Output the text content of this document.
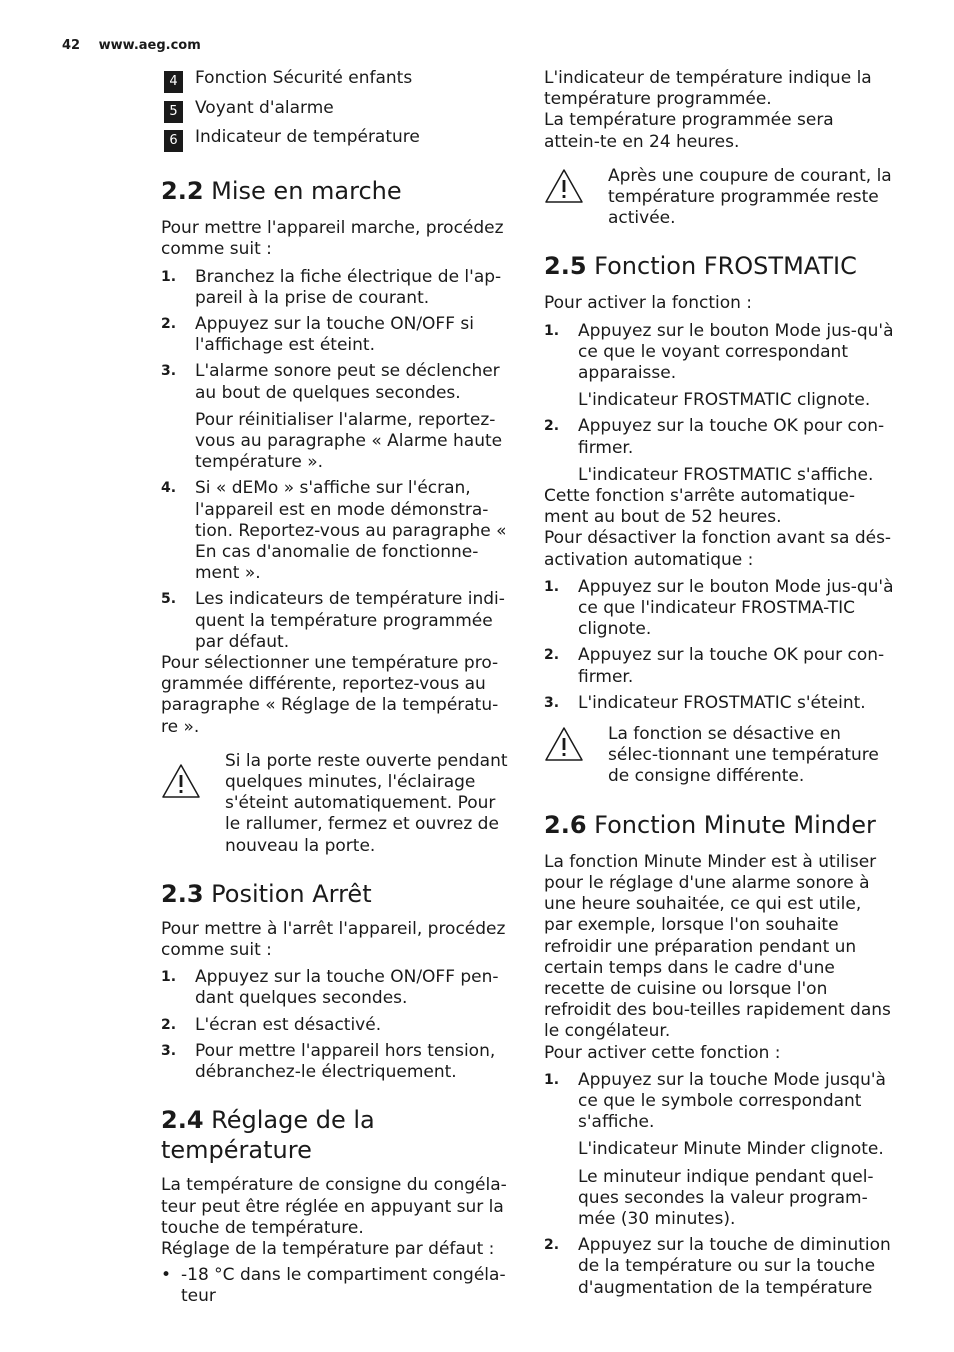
42 www.aeg.com
4	Fonction Sécurité enfants
5	Voyant d'alarme
6	Indicateur de température
2.2 Mise en marche

Pour mettre l'appareil marche, procédez comme suit :

1. Branchez la fiche électrique de l'ap-pareil à la prise de courant.
2. Appuyez sur la touche ON/OFF si l'affichage est éteint.
3. L'alarme sonore peut se déclencher au bout de quelques secondes.
Pour réinitialiser l'alarme, reportez-vous au paragraphe « Alarme haute température ».
4. Si « dEMo » s'affiche sur l'écran, l'appareil est en mode démonstra-tion. Reportez-vous au paragraphe « En cas d'anomalie de fonctionne-ment ».
5. Les indicateurs de température indi-quent la température programmée par défaut.

Pour sélectionner une température pro-grammée différente, reportez-vous au paragraphe « Réglage de la températu-re ».

Si la porte reste ouverte pendant quelques minutes, l'éclairage s'éteint automatiquement. Pour le rallumer, fermez et ouvrez de nouveau la porte.
2.3 Position Arrêt

Pour mettre à l'arrêt l'appareil, procédez comme suit :

1. Appuyez sur la touche ON/OFF pen-dant quelques secondes.
2. L'écran est désactivé.
3. Pour mettre l'appareil hors tension, débranchez-le électriquement.
2.4 Réglage de la température

La température de consigne du congéla-teur peut être réglée en appuyant sur la touche de température.

Réglage de la température par défaut :

• -18 °C dans le compartiment congéla-teur

L'indicateur de température indique la température programmée.

La température programmée sera attein-te en 24 heures.

Après une coupure de courant, la température programmée reste activée.
2.5 Fonction FROSTMATIC

Pour activer la fonction :

1. Appuyez sur le bouton Mode jus-qu'à ce que le voyant correspondant apparaisse.
L'indicateur FROSTMATIC clignote.
2. Appuyez sur la touche OK pour con-firmer.
L'indicateur FROSTMATIC s'affiche.

Cette fonction s'arrête automatique-ment au bout de 52 heures.

Pour désactiver la fonction avant sa dés-activation automatique :

1. Appuyez sur le bouton Mode jus-qu'à ce que l'indicateur FROSTMA-TIC clignote.
2. Appuyez sur la touche OK pour con-firmer.
3. L'indicateur FROSTMATIC s'éteint.
La fonction se désactive en sélec-tionnant une température de consigne différente.
2.6 Fonction Minute Minder

La fonction Minute Minder est à utiliser pour le réglage d'une alarme sonore à une heure souhaitée, ce qui est utile, par exemple, lorsque l'on souhaite refroidir une préparation pendant un certain temps dans le cadre d'une recette de cuisine ou lorsque l'on refroidit des bou-teilles rapidement dans le congélateur.

Pour activer cette fonction :

1. Appuyez sur la touche Mode jusqu'à ce que le symbole correspondant s'affiche.
L'indicateur Minute Minder clignote.
Le minuteur indique pendant quel-ques secondes la valeur program-mée (30 minutes).
2. Appuyez sur la touche de diminution de la température ou sur la touche d'augmentation de la température
